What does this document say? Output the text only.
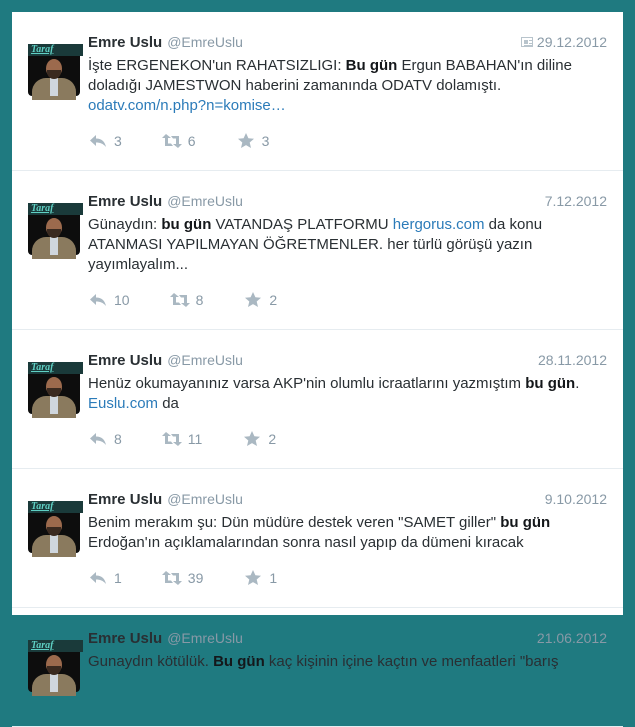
Taraf	Emre Uslu @EmreUslu	29.12.2012
İşte ERGENEKON'un RAHATSIZLIGI: Bu gün Ergun BABAHAN'ın diline doladığı JAMESTWON haberini zamanında ODATV dolamıştı. odatv.com/n.php?n=komise…
3	6	3
Taraf	Emre Uslu @EmreUslu	7.12.2012
Günaydın: bu gün VATANDAŞ PLATFORMU hergorus.com da konu ATANMASI YAPILMAYAN ÖĞRETMENLER. her türlü görüşü yazın yayımlayalım...
10	8	2
Taraf	Emre Uslu @EmreUslu	28.11.2012
Henüz okumayanınız varsa AKP'nin olumlu icraatlarını yazmıştım bu gün. Euslu.com da
8	11	2
Taraf	Emre Uslu @EmreUslu	9.10.2012
Benim merakım şu: Dün müdüre destek veren "SAMET giller" bu gün Erdoğan'ın açıklamalarından sonra nasıl yapıp da dümeni kıracak
1	39	1
Taraf	Emre Uslu @EmreUslu	21.06.2012
Gunaydın kötülük. Bu gün kaç kişinin içine kaçtın ve menfaatleri "barış
